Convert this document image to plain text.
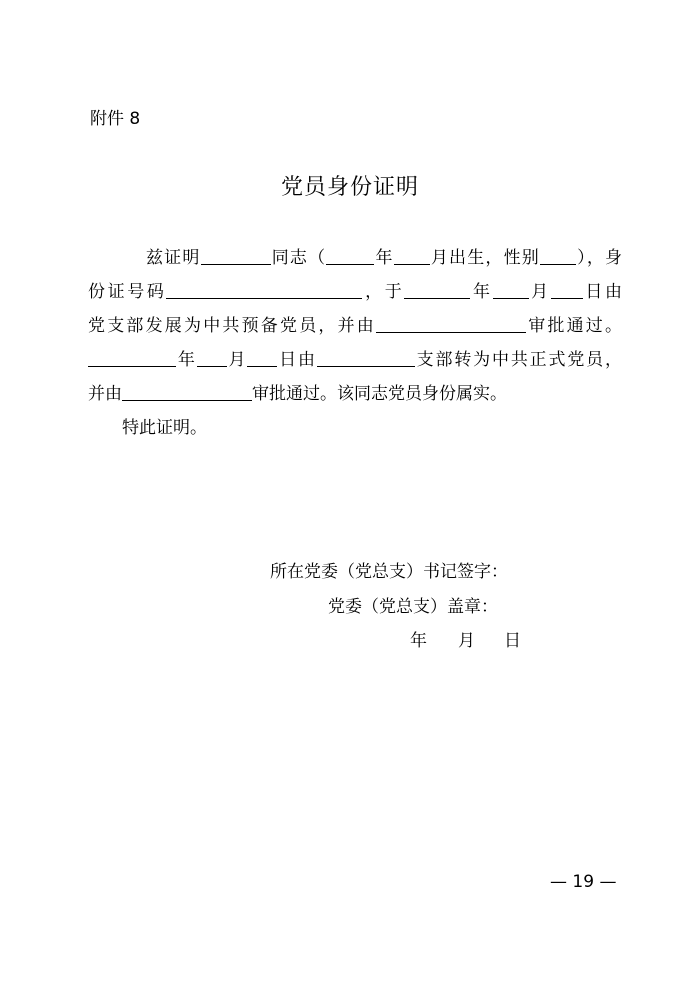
附件 8
党员身份证明
兹证明	同志（	年 月出生，性别 ），身
份证号码	，于	年 月 日由
党支部发展为中共预备党员，并由	审批通过。
年 月 日由	支部转为中共正式党员，
并由	审批通过。该同志党员身份属实。
特此证明。
所在党委（党总支）书记签字：
党委（党总支）盖章：
年 月 日
— 19 —
